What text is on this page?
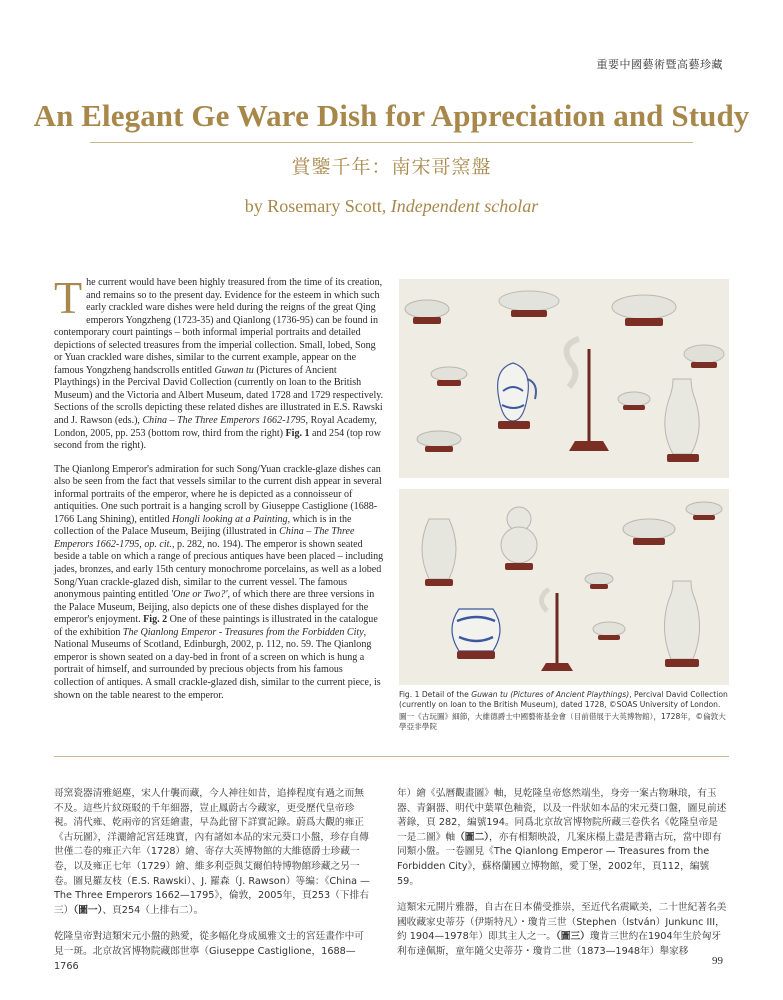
重要中國藝術暨高藝珍藏
An Elegant Ge Ware Dish for Appreciation and Study
賞鑒千年：南宋哥窯盤
by Rosemary Scott, Independent scholar

The current would have been highly treasured from the time of its creation, and remains so to the present day. Evidence for the esteem in which such early crackled ware dishes were held during the reigns of the great Qing emperors Yongzheng (1723-35) and Qianlong (1736-95) can be found in contemporary court paintings – both informal imperial portraits and detailed depictions of selected treasures from the imperial collection. Small, lobed, Song or Yuan crackled ware dishes, similar to the current example, appear on the famous Yongzheng handscrolls entitled Guwan tu (Pictures of Ancient Playthings) in the Percival David Collection (currently on loan to the British Museum) and the Victoria and Albert Museum, dated 1728 and 1729 respectively. Sections of the scrolls depicting these related dishes are illustrated in E.S. Rawski and J. Rawson (eds.), China – The Three Emperors 1662-1795, Royal Academy, London, 2005, pp. 253 (bottom row, third from the right) Fig. 1 and 254 (top row second from the right).

The Qianlong Emperor's admiration for such Song/Yuan crackle-glaze dishes can also be seen from the fact that vessels similar to the current dish appear in several informal portraits of the emperor, where he is depicted as a connoisseur of antiquities. One such portrait is a hanging scroll by Giuseppe Castiglione (1688-1766 Lang Shining), entitled Hongli looking at a Painting, which is in the collection of the Palace Museum, Beijing (illustrated in China – The Three Emperors 1662-1795, op. cit., p. 282, no. 194). The emperor is shown seated beside a table on which a range of precious antiques have been placed – including jades, bronzes, and early 15th century monochrome porcelains, as well as a lobed Song/Yuan crackle-glazed dish, similar to the current vessel. The famous anonymous painting entitled 'One or Two?', of which there are three versions in the Palace Museum, Beijing, also depicts one of these dishes displayed for the emperor's enjoyment. Fig. 2 One of these paintings is illustrated in the catalogue of the exhibition The Qianlong Emperor - Treasures from the Forbidden City, National Museums of Scotland, Edinburgh, 2002, p. 112, no. 59. The Qianlong emperor is shown seated on a day-bed in front of a screen on which is hung a portrait of himself, and surrounded by precious objects from his famous collection of antiques. A small crackle-glazed dish, similar to the current piece, is shown on the table nearest to the emperor.	Fig. 1 Detail of the Guwan tu (Pictures of Ancient Playthings), Percival David Collection (currently on loan to the British Museum), dated 1728, ©SOAS University of London.

圖一《古玩圖》細節，大維德爵士中國藝術基金會（目前借展于大英博物館），1728年，©倫敦大學亞非學院

哥窯瓷器清雅絕塵，宋人什襲而藏，今人神往如昔，追捧程度有過之而無不及。這些片紋斑駁的千年細器，豈止鳳蔚古今藏家，更受歷代皇帝珍視。清代雍、乾兩帝的宮廷繪畫，早為此留下詳實記錄。蔚爲大觀的雍正《古玩圖》，洋灑繪記宮廷瑰寶，內有諸如本品的宋元葵口小盤，珍存自傳世僅二卷的雍正六年（1728）繪、寄存大英博物館的大維德爵士珍藏一卷，以及雍正七年（1729）繪、維多利亞與艾爾伯特博物館珍藏之另一卷。圖見羅友枝（E.S. Rawski）、J. 羅森（J. Rawson）等編：《China —The Three Emperors 1662—1795》，倫敦，2005年，頁253（下排右三）（圖一）、頁254（上排右二）。

乾隆皇帝對這類宋元小盤的熱愛，從多幅化身成風雅文士的宮廷畫作中可見一斑。北京故宮博物院藏郎世寧（Giuseppe Castiglione，1688—1766

年）繪《弘曆觀畫圖》軸，見乾隆皇帝悠然端坐，身旁一案古物琳琅，有玉器、青銅器、明代中葉單色釉瓷，以及一件狀如本品的宋元葵口盤，圖見前述著錄，頁 282，編號194。同爲北京故宮博物院所藏三卷佚名《乾隆皇帝是一是二圖》軸（圖二），亦有相類映設，几案床榻上盡是書籍古玩，當中即有同類小盤。一卷圖見《The Qianlong Emperor — Treasures from the Forbidden City》，蘇格蘭國立博物館，愛丁堡，2002年，頁112，編號59。

這類宋元開片雅器，自古在日本備受推崇，至近代名震歐美，二十世紀著名美國收藏家史蒂芬（伊斯特凡）・瓊肯三世（Stephen（István）Junkunc III，約 1904—1978年）即其主人之一。（圖三）瓊肯三世約在1904年生於匈牙利布達佩斯，童年隨父史蒂芬・瓊肯二世（1873—1948年）舉家移

99
